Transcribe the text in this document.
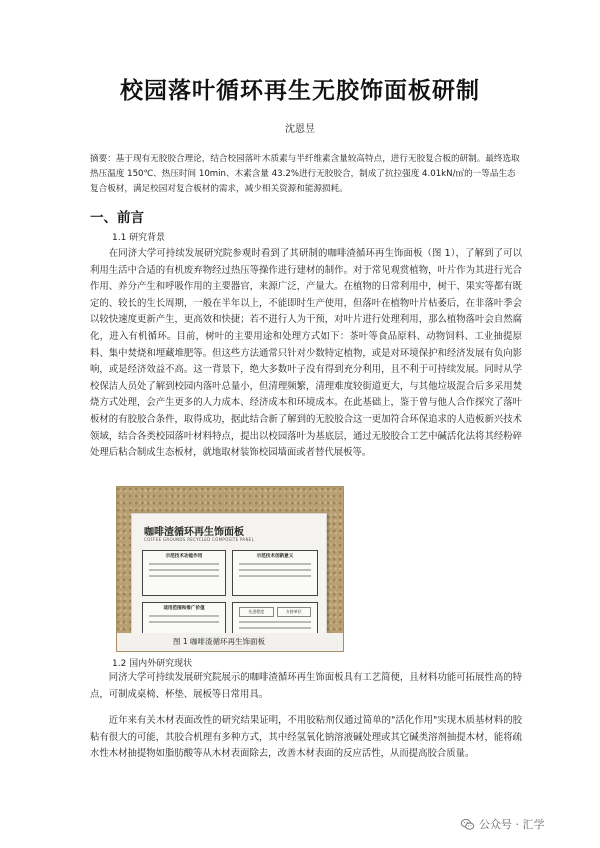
校园落叶循环再生无胶饰面板研制
沈恩昱
摘要：基于现有无胶胶合理论，结合校园落叶木质素与半纤维素含量较高特点，进行无胶复合板的研制。最终选取热压温度 150℃、热压时间 10min、木素含量 43.2%进行无胶胶合，制成了抗拉强度 4.01kN/㎡的一等品生态复合板材，满足校园对复合板材的需求，减少相关资源和能源损耗。
一、前言
1.1 研究背景
在同济大学可持续发展研究院参观时看到了其研制的咖啡渣循环再生饰面板（图 1），了解到了可以利用生活中合适的有机废弃物经过热压等操作进行建材的制作。对于常见观赏植物，叶片作为其进行光合作用、养分产生和呼吸作用的主要器官，来源广泛，产量大。在植物的日常利用中，树干、果实等都有既定的、较长的生长周期，一般在半年以上，不能即时生产使用，但落叶在植物叶片枯萎后，在非落叶季会以较快速度更新产生，更高效和快捷；若不进行人为干预，对叶片进行处理利用，那么植物落叶会自然腐化，进入有机循环。目前，树叶的主要用途和处理方式如下：茶叶等食品原料、动物饲料、工业抽提原料、集中焚烧和埋藏堆肥等。但这些方法通常只针对少数特定植物，或是对环境保护和经济发展有负向影响，或是经济效益不高。这一背景下，绝大多数叶子没有得到充分利用，且不利于可持续发展。同时从学校保洁人员处了解到校园内落叶总量小，但清理频繁，清理难度较街道更大，与其他垃圾混合后多采用焚烧方式处理，会产生更多的人力成本、经济成本和环境成本。在此基础上，鉴于曾与他人合作探究了落叶板材的有胶胶合条件，取得成功，据此结合新了解到的无胶胶合这一更加符合环保追求的人造板新兴技术领域，结合各类校园落叶材料特点，提出以校园落叶为基底层，通过无胶胶合工艺中碱活化法将其经粉碎处理后粘合制成生态板材，就地取材装饰校园墙面或者替代展板等。
咖啡渣循环再生饰面板
COFFEE GROUNDS RECYCLED COMPOSITE PANEL
示范技术功能作用	示范技术创新意义
适用范围和推广价值
先进程度	支持单位
图 1 咖啡渣循环再生饰面板
1.2 国内外研究现状
同济大学可持续发展研究院展示的咖啡渣循环再生饰面板具有工艺简便，且材料功能可拓展性高的特点，可制成桌椅、杯垫、展板等日常用具。
近年来有关木材表面改性的研究结果证明，不用胶粘剂仅通过简单的"活化作用"实现木质基材料的胶粘有很大的可能，其胶合机理有多种方式，其中经氢氧化钠溶液碱处理或其它碱类溶剂抽提木材，能将疏水性木材抽提物如脂肪酸等从木材表面除去，改善木材表面的反应活性，从而提高胶合质量。
公众号 · 汇学
